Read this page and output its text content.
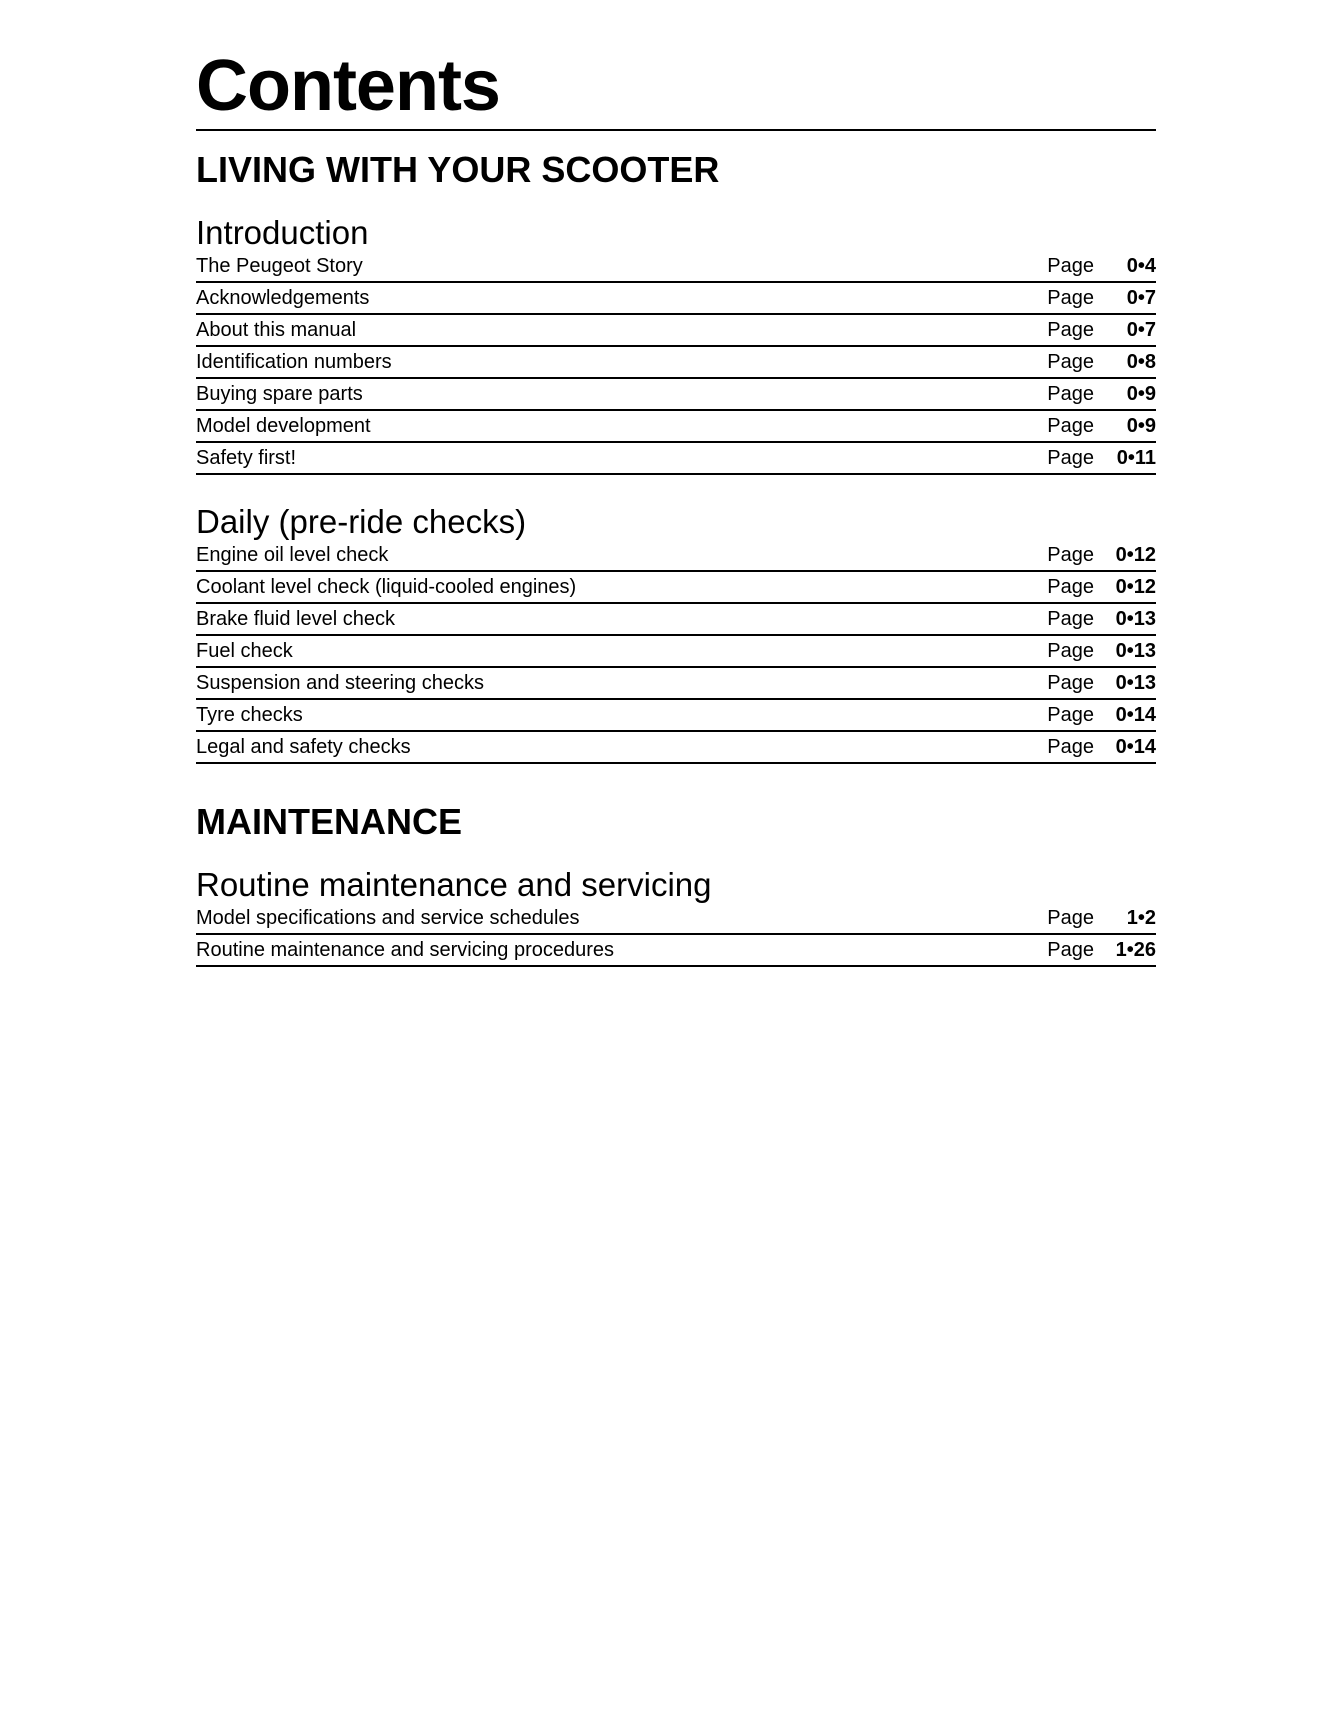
Contents
LIVING WITH YOUR SCOOTER
Introduction
The Peugeot Story	Page 0•4
Acknowledgements	Page 0•7
About this manual	Page 0•7
Identification numbers	Page 0•8
Buying spare parts	Page 0•9
Model development	Page 0•9
Safety first!	Page 0•11
Daily (pre-ride checks)
Engine oil level check	Page 0•12
Coolant level check (liquid-cooled engines)	Page 0•12
Brake fluid level check	Page 0•13
Fuel check	Page 0•13
Suspension and steering checks	Page 0•13
Tyre checks	Page 0•14
Legal and safety checks	Page 0•14
MAINTENANCE
Routine maintenance and servicing
Model specifications and service schedules	Page 1•2
Routine maintenance and servicing procedures	Page 1•26
